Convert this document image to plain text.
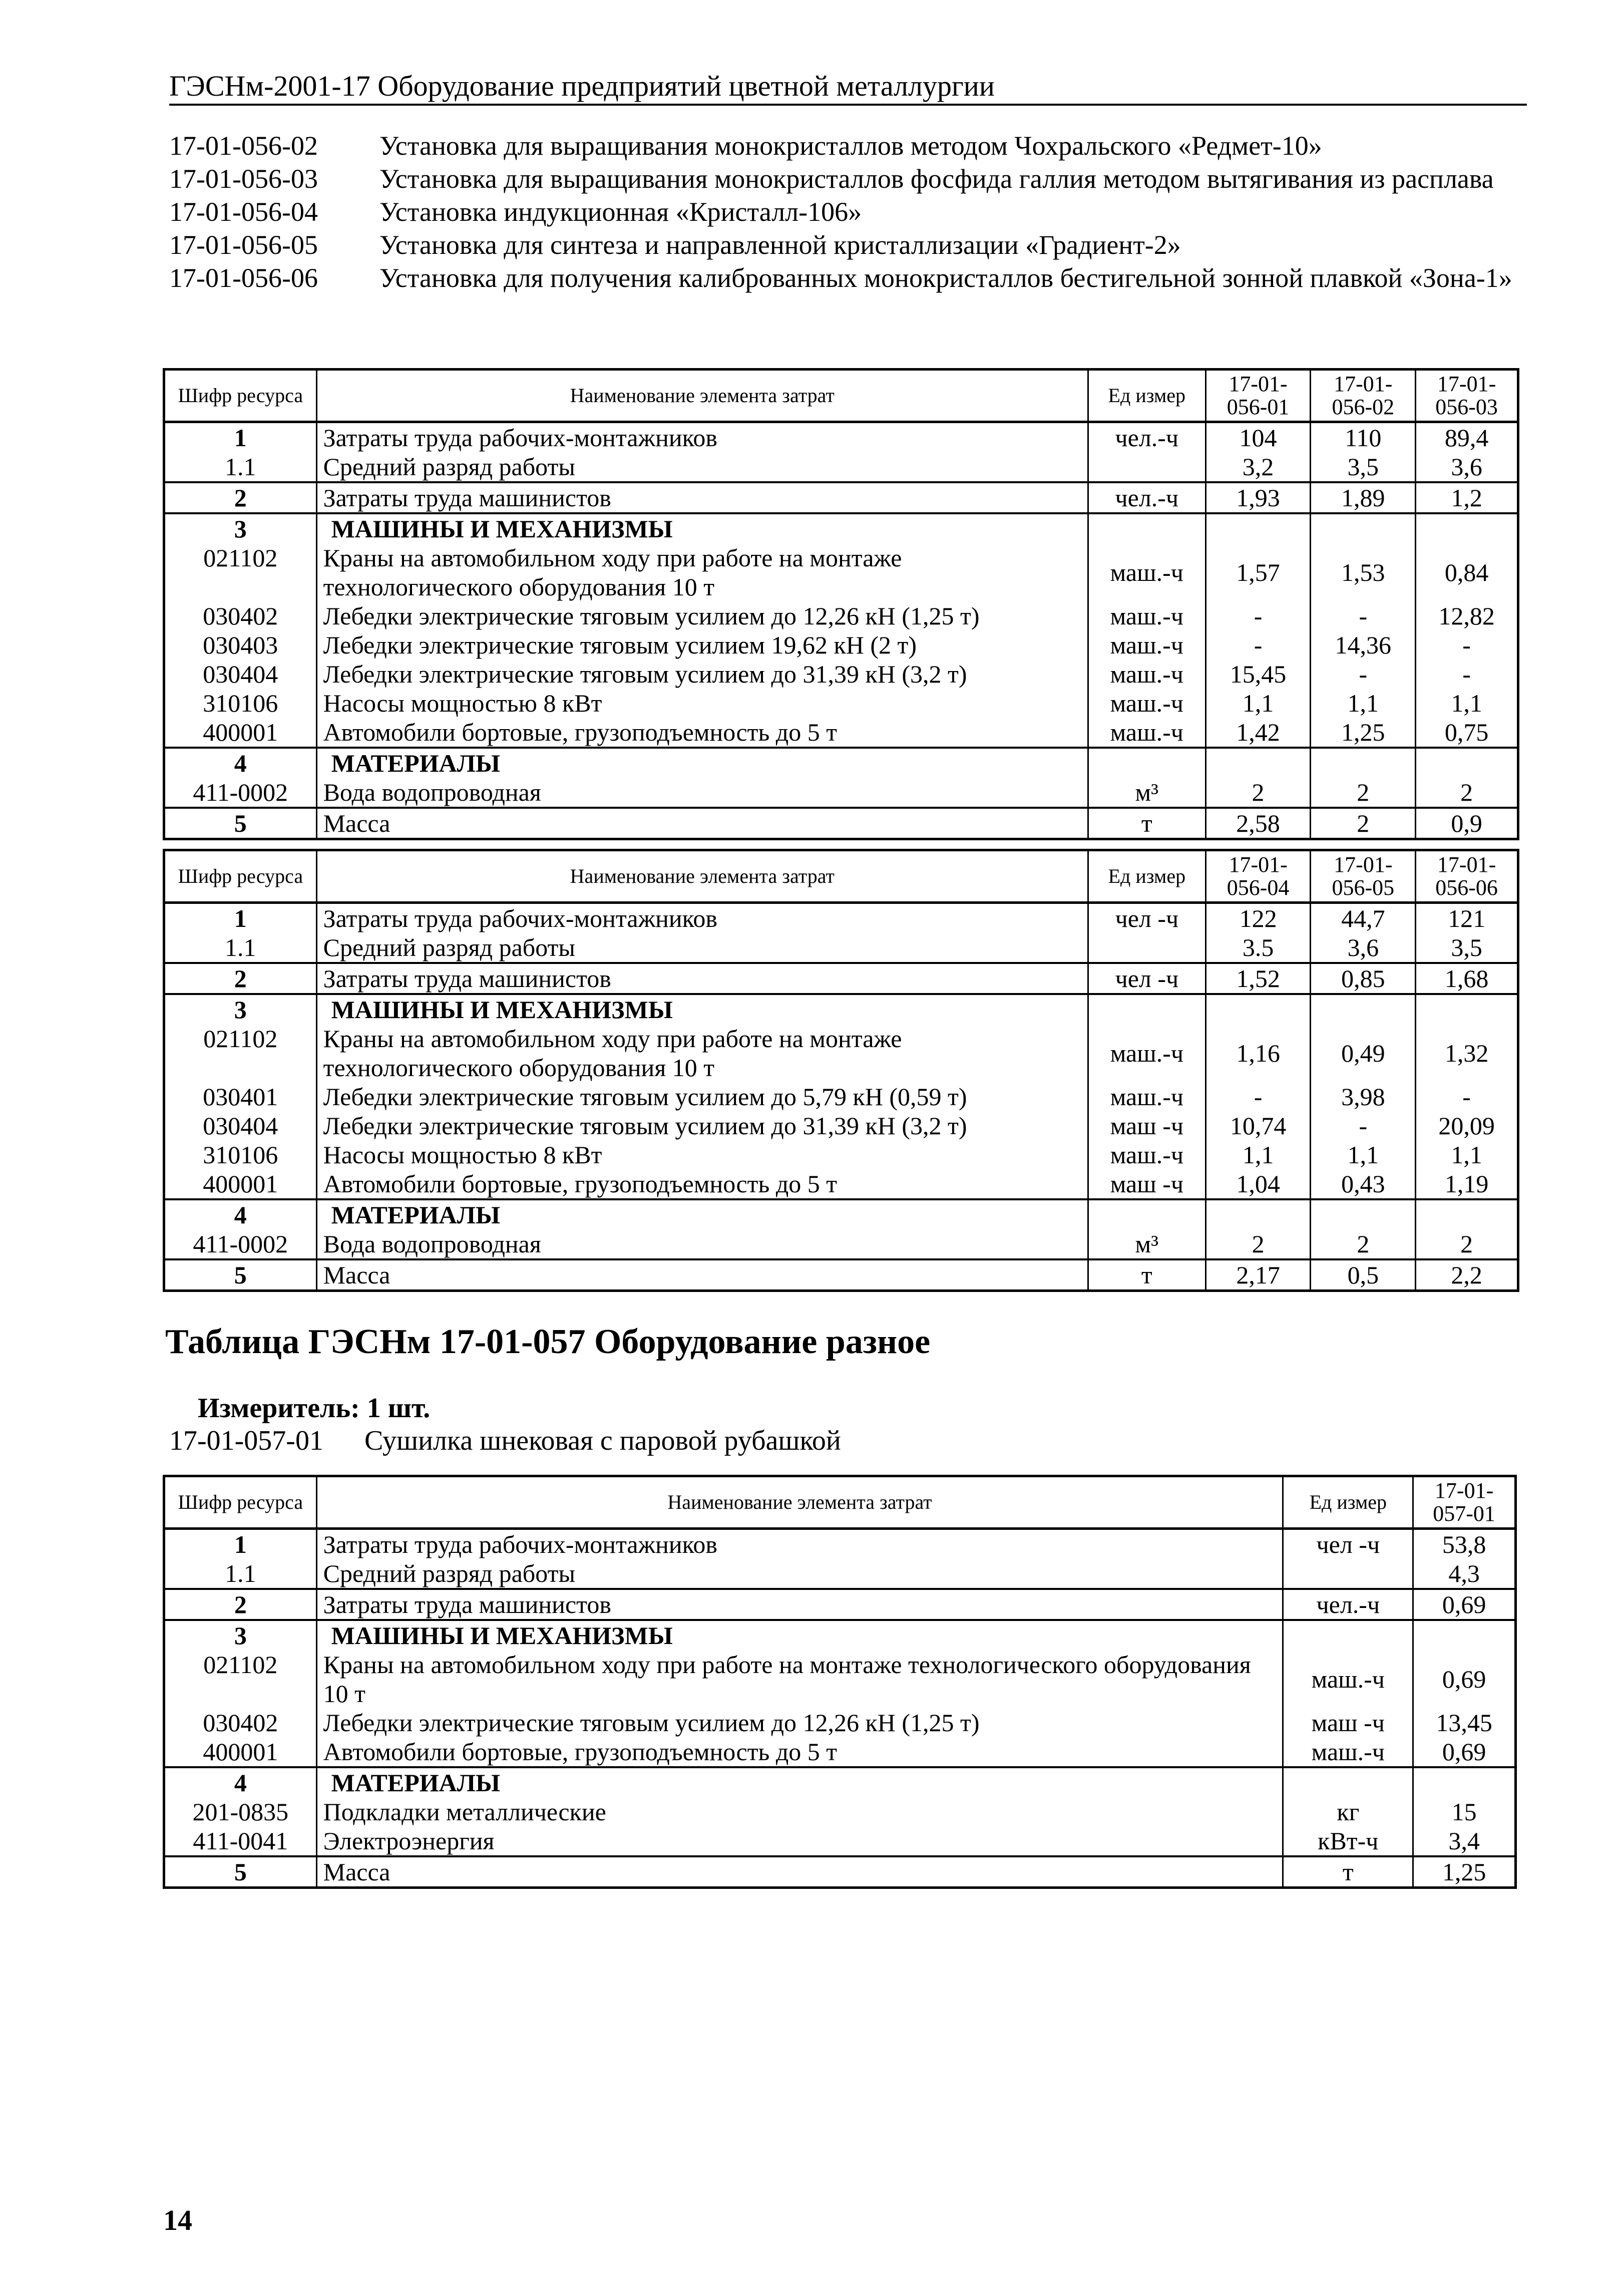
ГЭСНм-2001-17 Оборудование предприятий цветной металлургии
17-01-056-02	Установка для выращивания монокристаллов методом Чохральского «Редмет-10»
17-01-056-03	Установка для выращивания монокристаллов фосфида галлия методом вытягивания из расплава
17-01-056-04	Установка индукционная «Кристалл-106»
17-01-056-05	Установка для синтеза и направленной кристаллизации «Градиент-2»
17-01-056-06	Установка для получения калиброванных монокристаллов бестигельной зонной плавкой «Зона-1»
Шифр ресурса	Наименование элемента затрат	Ед измер	17-01-056-01	17-01-056-02	17-01-056-03
1	Затраты труда рабочих-монтажников	чел.-ч	104	110	89,4
1.1	Средний разряд работы		3,2	3,5	3,6
2	Затраты труда машинистов	чел.-ч	1,93	1,89	1,2
3	МАШИНЫ И МЕХАНИЗМЫ				
021102	Краны на автомобильном ходу при работе на монтаже технологического оборудования 10 т	маш.-ч	1,57	1,53	0,84
030402	Лебедки электрические тяговым усилием до 12,26 кН (1,25 т)	маш.-ч	-	-	12,82
030403	Лебедки электрические тяговым усилием 19,62 кН (2 т)	маш.-ч	-	14,36	-
030404	Лебедки электрические тяговым усилием до 31,39 кН (3,2 т)	маш.-ч	15,45	-	-
310106	Насосы мощностью 8 кВт	маш.-ч	1,1	1,1	1,1
400001	Автомобили бортовые, грузоподъемность до 5 т	маш.-ч	1,42	1,25	0,75
4	МАТЕРИАЛЫ				
411-0002	Вода водопроводная	м³	2	2	2
5	Масса	т	2,58	2	0,9
Шифр ресурса	Наименование элемента затрат	Ед измер	17-01-056-04	17-01-056-05	17-01-056-06
1	Затраты труда рабочих-монтажников	чел -ч	122	44,7	121
1.1	Средний разряд работы		3.5	3,6	3,5
2	Затраты труда машинистов	чел -ч	1,52	0,85	1,68
3	МАШИНЫ И МЕХАНИЗМЫ				
021102	Краны на автомобильном ходу при работе на монтаже технологического оборудования 10 т	маш.-ч	1,16	0,49	1,32
030401	Лебедки электрические тяговым усилием до 5,79 кН (0,59 т)	маш.-ч	-	3,98	-
030404	Лебедки электрические тяговым усилием до 31,39 кН (3,2 т)	маш -ч	10,74	-	20,09
310106	Насосы мощностью 8 кВт	маш.-ч	1,1	1,1	1,1
400001	Автомобили бортовые, грузоподъемность до 5 т	маш -ч	1,04	0,43	1,19
4	МАТЕРИАЛЫ				
411-0002	Вода водопроводная	м³	2	2	2
5	Масса	т	2,17	0,5	2,2
Таблица ГЭСНм 17-01-057 Оборудование разное
Измеритель: 1 шт.
17-01-057-01	Сушилка шнековая с паровой рубашкой
Шифр ресурса	Наименование элемента затрат	Ед измер	17-01-057-01
1	Затраты труда рабочих-монтажников	чел -ч	53,8
1.1	Средний разряд работы		4,3
2	Затраты труда машинистов	чел.-ч	0,69
3	МАШИНЫ И МЕХАНИЗМЫ		
021102	Краны на автомобильном ходу при работе на монтаже технологического оборудования 10 т	маш.-ч	0,69
030402	Лебедки электрические тяговым усилием до 12,26 кН (1,25 т)	маш -ч	13,45
400001	Автомобили бортовые, грузоподъемность до 5 т	маш.-ч	0,69
4	МАТЕРИАЛЫ		
201-0835	Подкладки металлические	кг	15
411-0041	Электроэнергия	кВт-ч	3,4
5	Масса	т	1,25
14
